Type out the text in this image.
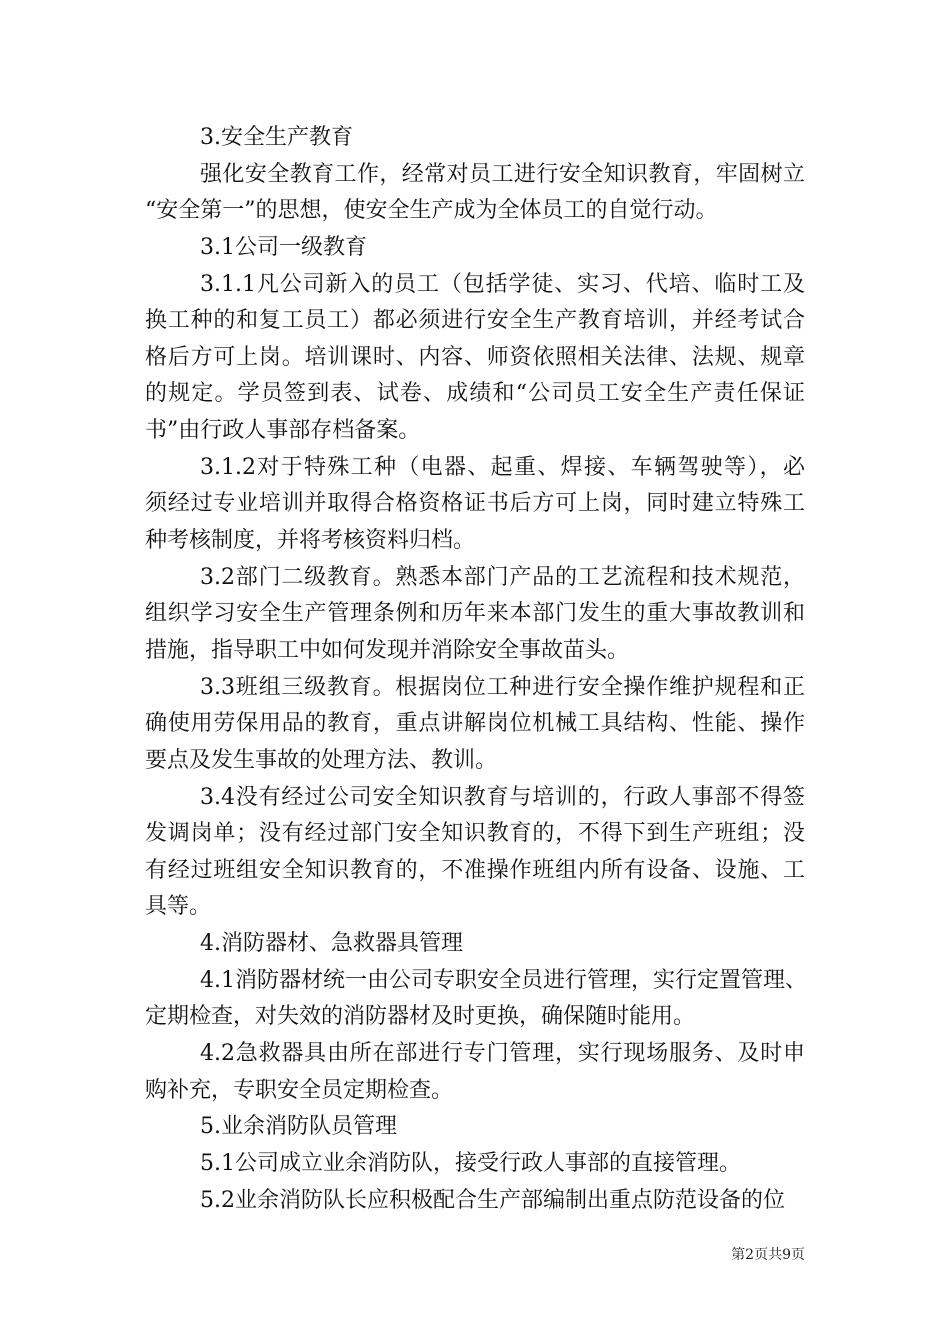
3.安全生产教育
强化安全教育工作，经常对员工进行安全知识教育，牢固树立
“安全第一”的思想，使安全生产成为全体员工的自觉行动。
3.1公司一级教育
3.1.1凡公司新入的员工（包括学徒、实习、代培、临时工及
换工种的和复工员工）都必须进行安全生产教育培训，并经考试合
格后方可上岗。培训课时、内容、师资依照相关法律、法规、规章
的规定。学员签到表、试卷、成绩和“公司员工安全生产责任保证
书”由行政人事部存档备案。
3.1.2对于特殊工种（电器、起重、焊接、车辆驾驶等），必
须经过专业培训并取得合格资格证书后方可上岗，同时建立特殊工
种考核制度，并将考核资料归档。
3.2部门二级教育。熟悉本部门产品的工艺流程和技术规范，
组织学习安全生产管理条例和历年来本部门发生的重大事故教训和
措施，指导职工中如何发现并消除安全事故苗头。
3.3班组三级教育。根据岗位工种进行安全操作维护规程和正
确使用劳保用品的教育，重点讲解岗位机械工具结构、性能、操作
要点及发生事故的处理方法、教训。
3.4没有经过公司安全知识教育与培训的，行政人事部不得签
发调岗单；没有经过部门安全知识教育的，不得下到生产班组；没
有经过班组安全知识教育的，不准操作班组内所有设备、设施、工
具等。
4.消防器材、急救器具管理
4.1消防器材统一由公司专职安全员进行管理，实行定置管理、
定期检查，对失效的消防器材及时更换，确保随时能用。
4.2急救器具由所在部进行专门管理，实行现场服务、及时申
购补充，专职安全员定期检查。
5.业余消防队员管理
5.1公司成立业余消防队，接受行政人事部的直接管理。
5.2业余消防队长应积极配合生产部编制出重点防范设备的位
第2页共9页
